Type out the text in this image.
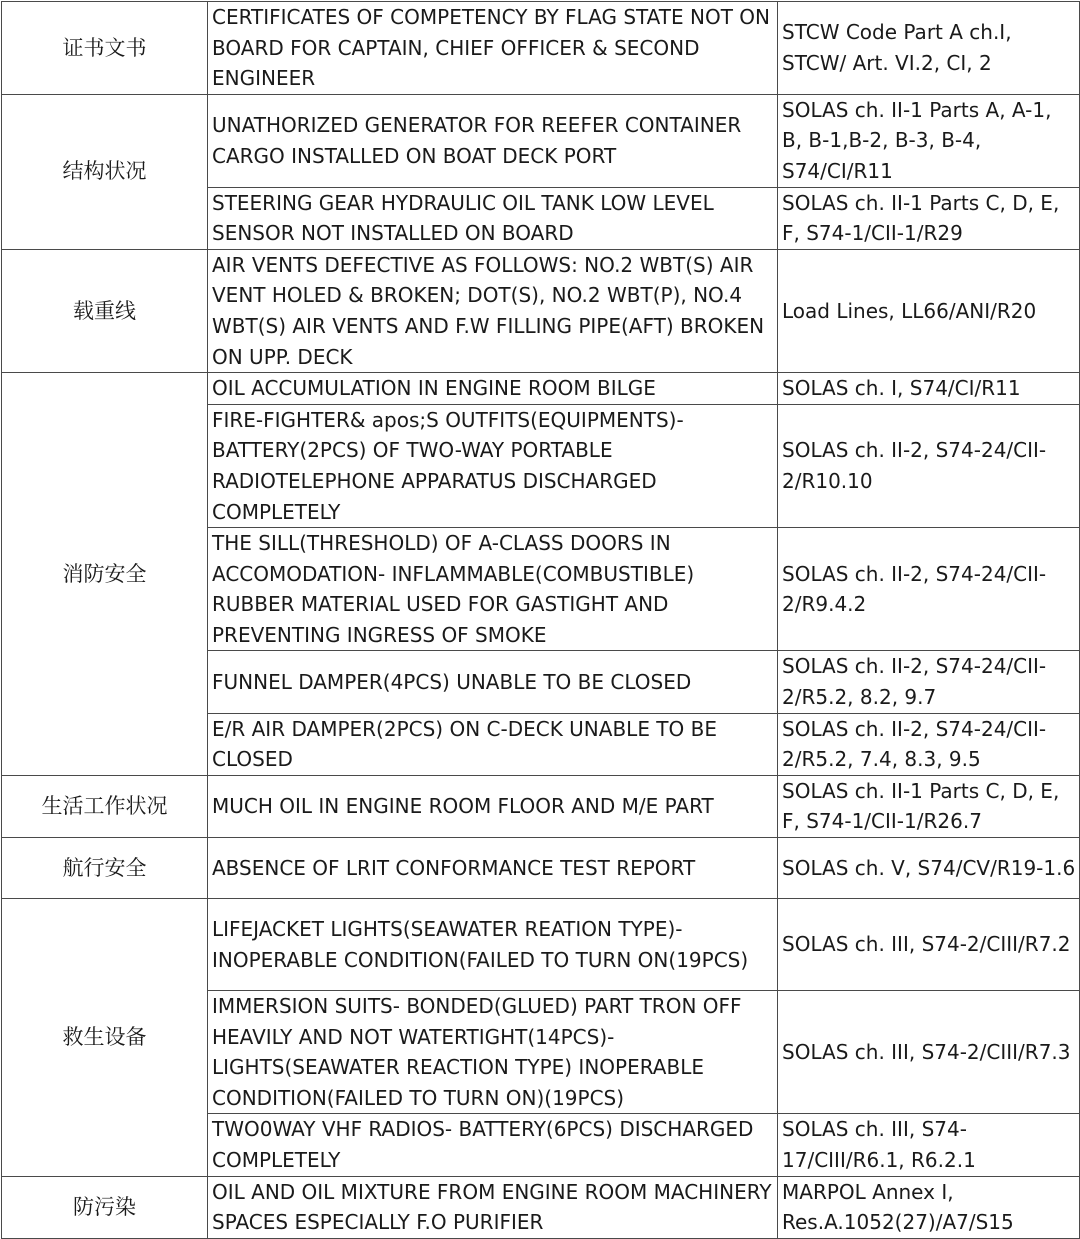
证书文书	CERTIFICATES OF COMPETENCY BY FLAG STATE NOT ON BOARD FOR CAPTAIN, CHIEF OFFICER & SECOND ENGINEER	STCW Code Part A ch.I, STCW/ Art. VI.2, CI, 2
结构状况	UNATHORIZED GENERATOR FOR REEFER CONTAINER CARGO INSTALLED ON BOAT DECK PORT	SOLAS ch. II-1 Parts A, A-1, B, B-1,B-2, B-3, B-4, S74/CI/R11
	STEERING GEAR HYDRAULIC OIL TANK LOW LEVEL SENSOR NOT INSTALLED ON BOARD	SOLAS ch. II-1 Parts C, D, E, F, S74-1/CII-1/R29
载重线	AIR VENTS DEFECTIVE AS FOLLOWS: NO.2 WBT(S) AIR VENT HOLED & BROKEN; DOT(S), NO.2 WBT(P), NO.4 WBT(S) AIR VENTS AND F.W FILLING PIPE(AFT) BROKEN ON UPP. DECK	Load Lines, LL66/ANI/R20
消防安全	OIL ACCUMULATION IN ENGINE ROOM BILGE	SOLAS ch. I, S74/CI/R11
	FIRE-FIGHTER& apos;S OUTFITS(EQUIPMENTS)-BATTERY(2PCS) OF TWO-WAY PORTABLE RADIOTELEPHONE APPARATUS DISCHARGED COMPLETELY	SOLAS ch. II-2, S74-24/CII-2/R10.10
	THE SILL(THRESHOLD) OF A-CLASS DOORS IN ACCOMODATION- INFLAMMABLE(COMBUSTIBLE) RUBBER MATERIAL USED FOR GASTIGHT AND PREVENTING INGRESS OF SMOKE	SOLAS ch. II-2, S74-24/CII-2/R9.4.2
	FUNNEL DAMPER(4PCS) UNABLE TO BE CLOSED	SOLAS ch. II-2, S74-24/CII-2/R5.2, 8.2, 9.7
	E/R AIR DAMPER(2PCS) ON C-DECK UNABLE TO BE CLOSED	SOLAS ch. II-2, S74-24/CII-2/R5.2, 7.4, 8.3, 9.5
生活工作状况	MUCH OIL IN ENGINE ROOM FLOOR AND M/E PART	SOLAS ch. II-1 Parts C, D, E, F, S74-1/CII-1/R26.7
航行安全	ABSENCE OF LRIT CONFORMANCE TEST REPORT	SOLAS ch. V, S74/CV/R19-1.6
救生设备	LIFEJACKET LIGHTS(SEAWATER REATION TYPE)-INOPERABLE CONDITION(FAILED TO TURN ON(19PCS)	SOLAS ch. III, S74-2/CIII/R7.2
	IMMERSION SUITS- BONDED(GLUED) PART TRON OFF HEAVILY AND NOT WATERTIGHT(14PCS)-LIGHTS(SEAWATER REACTION TYPE) INOPERABLE CONDITION(FAILED TO TURN ON)(19PCS)	SOLAS ch. III, S74-2/CIII/R7.3
	TWO0WAY VHF RADIOS- BATTERY(6PCS) DISCHARGED COMPLETELY	SOLAS ch. III, S74-17/CIII/R6.1, R6.2.1
防污染	OIL AND OIL MIXTURE FROM ENGINE ROOM MACHINERY SPACES ESPECIALLY F.O PURIFIER	MARPOL Annex I, Res.A.1052(27)/A7/S15
